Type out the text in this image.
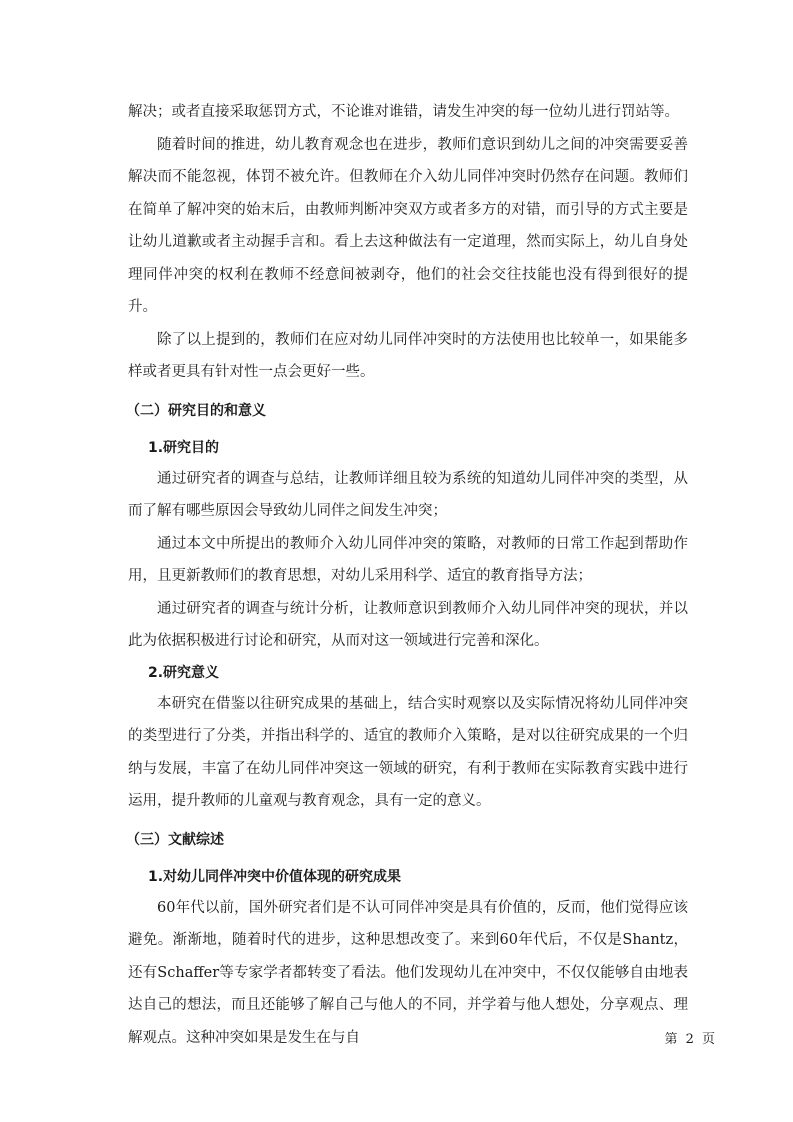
解决；或者直接采取惩罚方式，不论谁对谁错，请发生冲突的每一位幼儿进行罚站等。

随着时间的推进，幼儿教育观念也在进步，教师们意识到幼儿之间的冲突需要妥善解决而不能忽视，体罚不被允许。但教师在介入幼儿同伴冲突时仍然存在问题。教师们在简单了解冲突的始末后，由教师判断冲突双方或者多方的对错，而引导的方式主要是让幼儿道歉或者主动握手言和。看上去这种做法有一定道理，然而实际上，幼儿自身处理同伴冲突的权利在教师不经意间被剥夺，他们的社会交往技能也没有得到很好的提升。

除了以上提到的，教师们在应对幼儿同伴冲突时的方法使用也比较单一，如果能多样或者更具有针对性一点会更好一些。

（二）研究目的和意义
1.研究目的

通过研究者的调查与总结，让教师详细且较为系统的知道幼儿同伴冲突的类型，从而了解有哪些原因会导致幼儿同伴之间发生冲突；

通过本文中所提出的教师介入幼儿同伴冲突的策略，对教师的日常工作起到帮助作用，且更新教师们的教育思想，对幼儿采用科学、适宜的教育指导方法；

通过研究者的调查与统计分析，让教师意识到教师介入幼儿同伴冲突的现状，并以此为依据积极进行讨论和研究，从而对这一领域进行完善和深化。

2.研究意义

本研究在借鉴以往研究成果的基础上，结合实时观察以及实际情况将幼儿同伴冲突的类型进行了分类，并指出科学的、适宜的教师介入策略，是对以往研究成果的一个归纳与发展，丰富了在幼儿同伴冲突这一领域的研究，有利于教师在实际教育实践中进行运用，提升教师的儿童观与教育观念，具有一定的意义。

（三）文献综述
1.对幼儿同伴冲突中价值体现的研究成果

60年代以前，国外研究者们是不认可同伴冲突是具有价值的，反而，他们觉得应该避免。渐渐地，随着时代的进步，这种思想改变了。来到60年代后，不仅是Shantz，还有Schaffer等专家学者都转变了看法。他们发现幼儿在冲突中，不仅仅能够自由地表达自己的想法，而且还能够了解自己与他人的不同，并学着与他人想处，分享观点、理解观点。这种冲突如果是发生在与自	第 2 页
